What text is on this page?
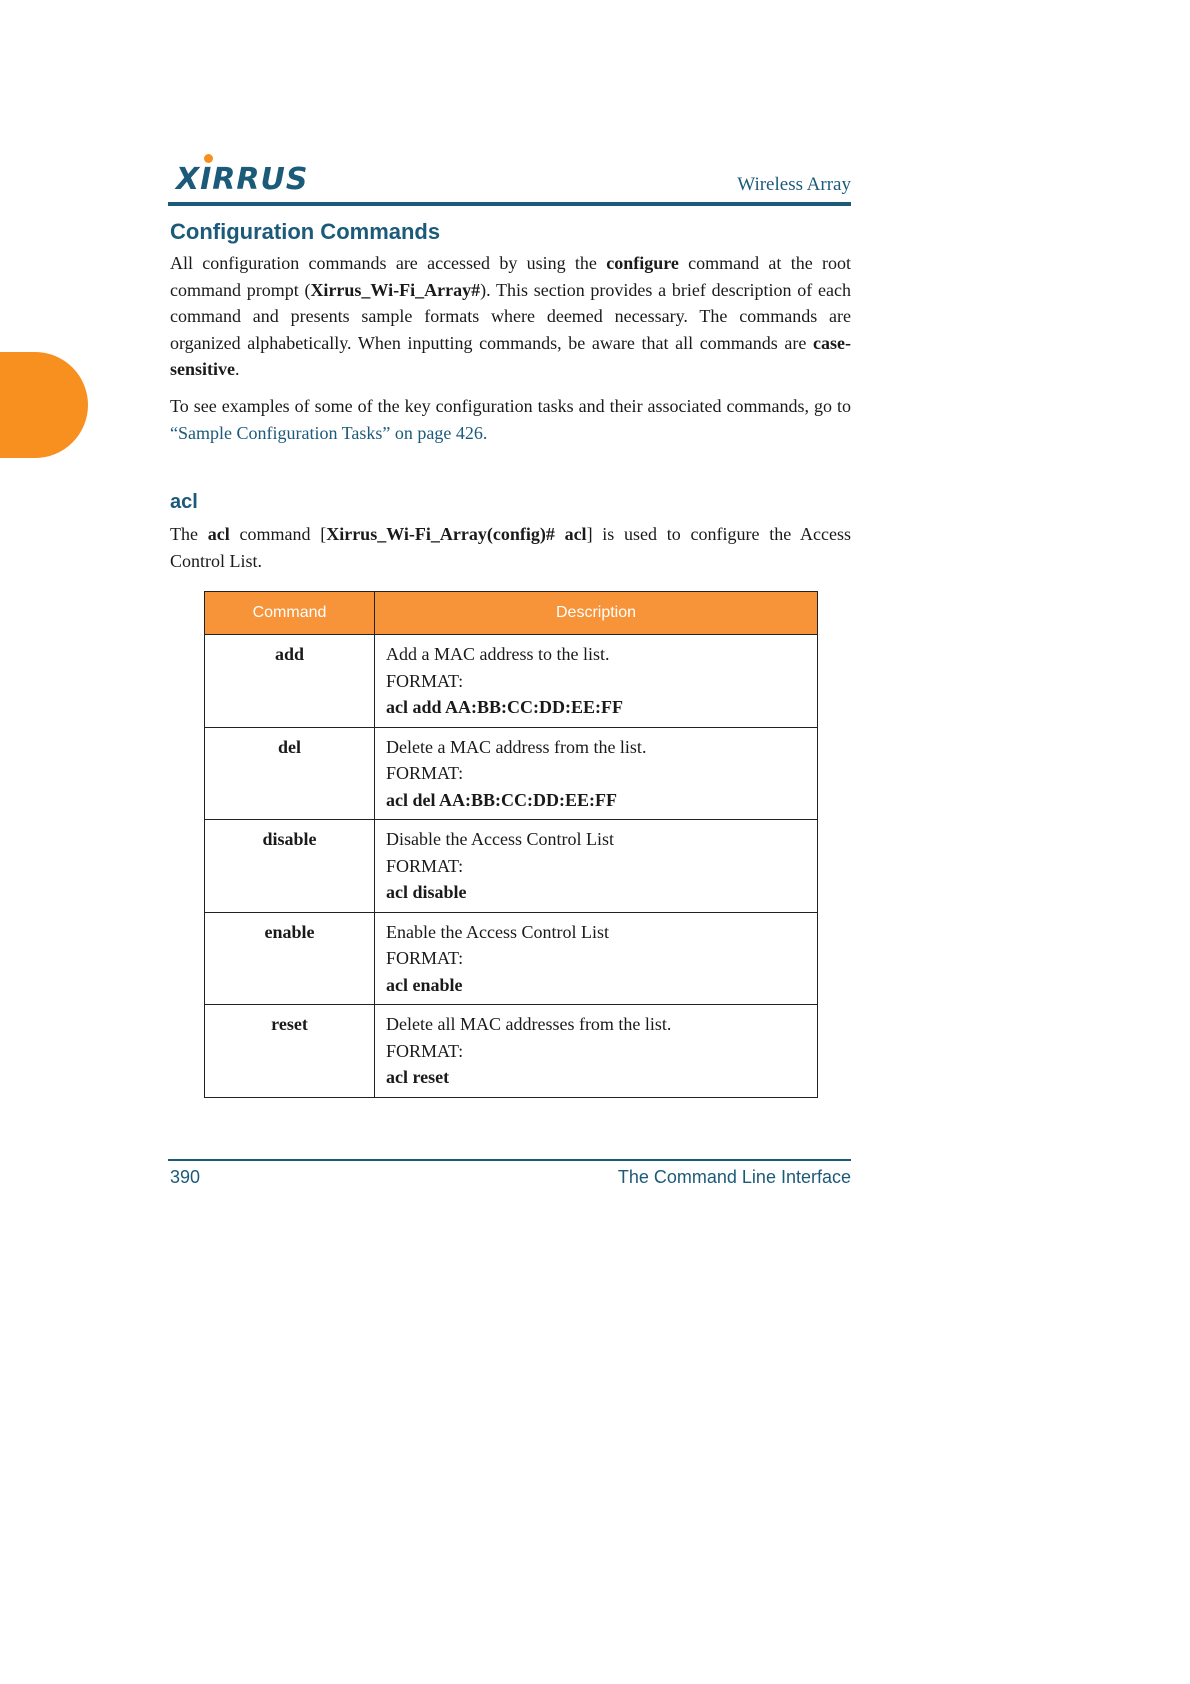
XIRRUS	Wireless Array
Configuration Commands

All configuration commands are accessed by using the configure command at the root command prompt (Xirrus_Wi-Fi_Array#). This section provides a brief description of each command and presents sample formats where deemed necessary. The commands are organized alphabetically. When inputting commands, be aware that all commands are case-sensitive.

To see examples of some of the key configuration tasks and their associated commands, go to “Sample Configuration Tasks” on page 426.

acl

The acl command [Xirrus_Wi-Fi_Array(config)# acl] is used to configure the Access Control List.

Command	Description
add	Add a MAC address to the list.
FORMAT:
acl add AA:BB:CC:DD:EE:FF

del	Delete a MAC address from the list.
FORMAT:
acl del AA:BB:CC:DD:EE:FF

disable	Disable the Access Control List
FORMAT:
acl disable

enable	Enable the Access Control List
FORMAT:
acl enable

reset	Delete all MAC addresses from the list.
FORMAT:
acl reset
390	The Command Line Interface
